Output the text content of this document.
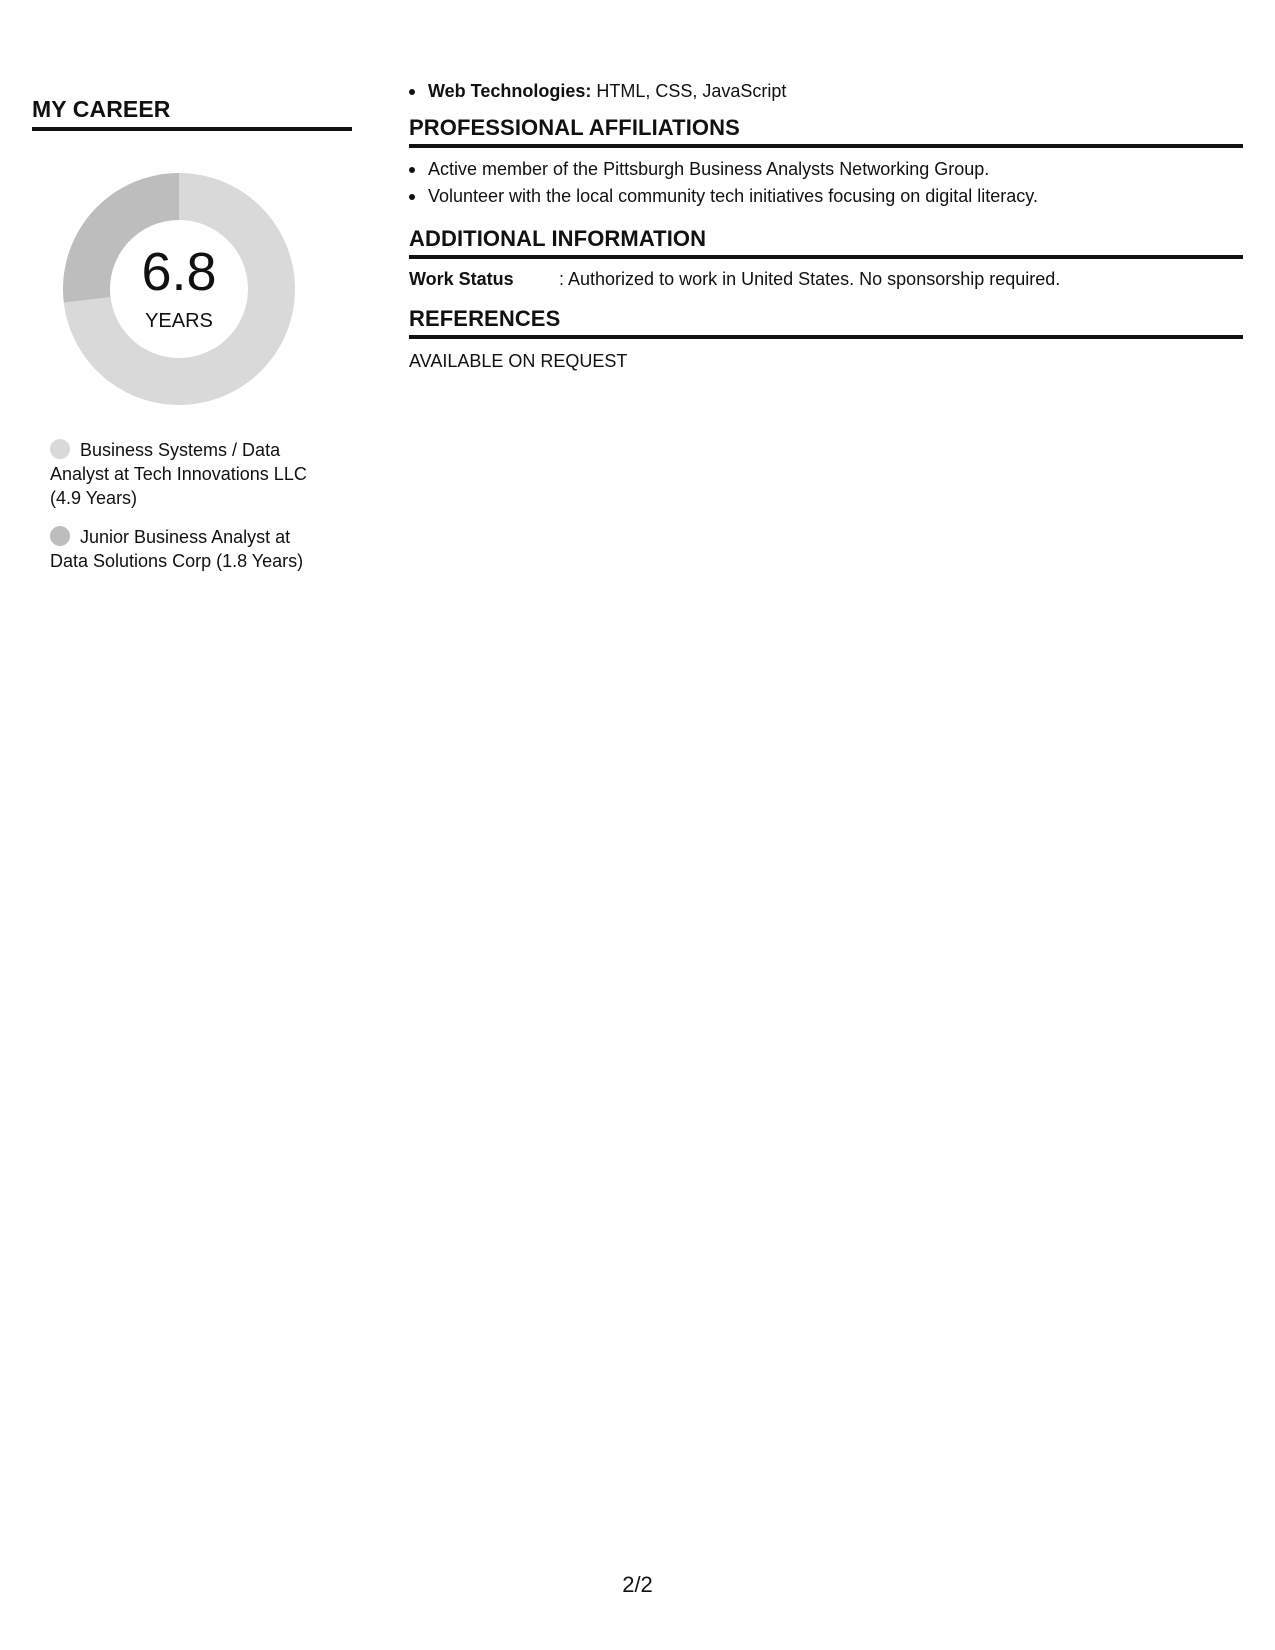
MY CAREER
6.8
YEARS
Business Systems / Data Analyst at Tech Innovations LLC (4.9 Years)
Junior Business Analyst at Data Solutions Corp (1.8 Years)
Web Technologies: HTML, CSS, JavaScript
PROFESSIONAL AFFILIATIONS
Active member of the Pittsburgh Business Analysts Networking Group.
Volunteer with the local community tech initiatives focusing on digital literacy.
ADDITIONAL INFORMATION
Work Status	: Authorized to work in United States. No sponsorship required.
REFERENCES
AVAILABLE ON REQUEST
2/2
